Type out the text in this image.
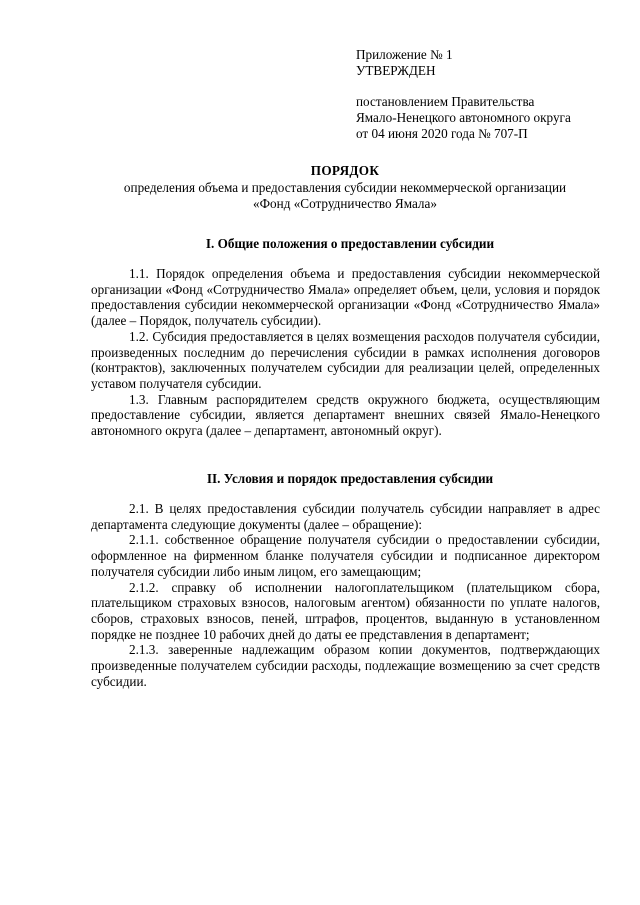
Приложение № 1
УТВЕРЖДЕН
постановлением Правительства
Ямало-Ненецкого автономного округа
от 04 июня 2020 года № 707-П
ПОРЯДОК
определения объема и предоставления субсидии некоммерческой организации
«Фонд «Сотрудничество Ямала»
I. Общие положения о предоставлении субсидии

1.1. Порядок определения объема и предоставления субсидии некоммерческой организации «Фонд «Сотрудничество Ямала» определяет объем, цели, условия и порядок предоставления субсидии некоммерческой организации «Фонд «Сотрудничество Ямала» (далее – Порядок, получатель субсидии).

1.2. Субсидия предоставляется в целях возмещения расходов получателя субсидии, произведенных последним до перечисления субсидии в рамках исполнения договоров (контрактов), заключенных получателем субсидии для реализации целей, определенных уставом получателя субсидии.

1.3. Главным распорядителем средств окружного бюджета, осуществляющим предоставление субсидии, является департамент внешних связей Ямало-Ненецкого автономного округа (далее – департамент, автономный округ).

II. Условия и порядок предоставления субсидии

2.1. В целях предоставления субсидии получатель субсидии направляет в адрес департамента следующие документы (далее – обращение):

2.1.1. собственное обращение получателя субсидии о предоставлении субсидии, оформленное на фирменном бланке получателя субсидии и подписанное директором получателя субсидии либо иным лицом, его замещающим;

2.1.2. справку об исполнении налогоплательщиком (плательщиком сбора, плательщиком страховых взносов, налоговым агентом) обязанности по уплате налогов, сборов, страховых взносов, пеней, штрафов, процентов, выданную в установленном порядке не позднее 10 рабочих дней до даты ее представления в департамент;

2.1.3. заверенные надлежащим образом копии документов, подтверждающих произведенные получателем субсидии расходы, подлежащие возмещению за счет средств субсидии.
